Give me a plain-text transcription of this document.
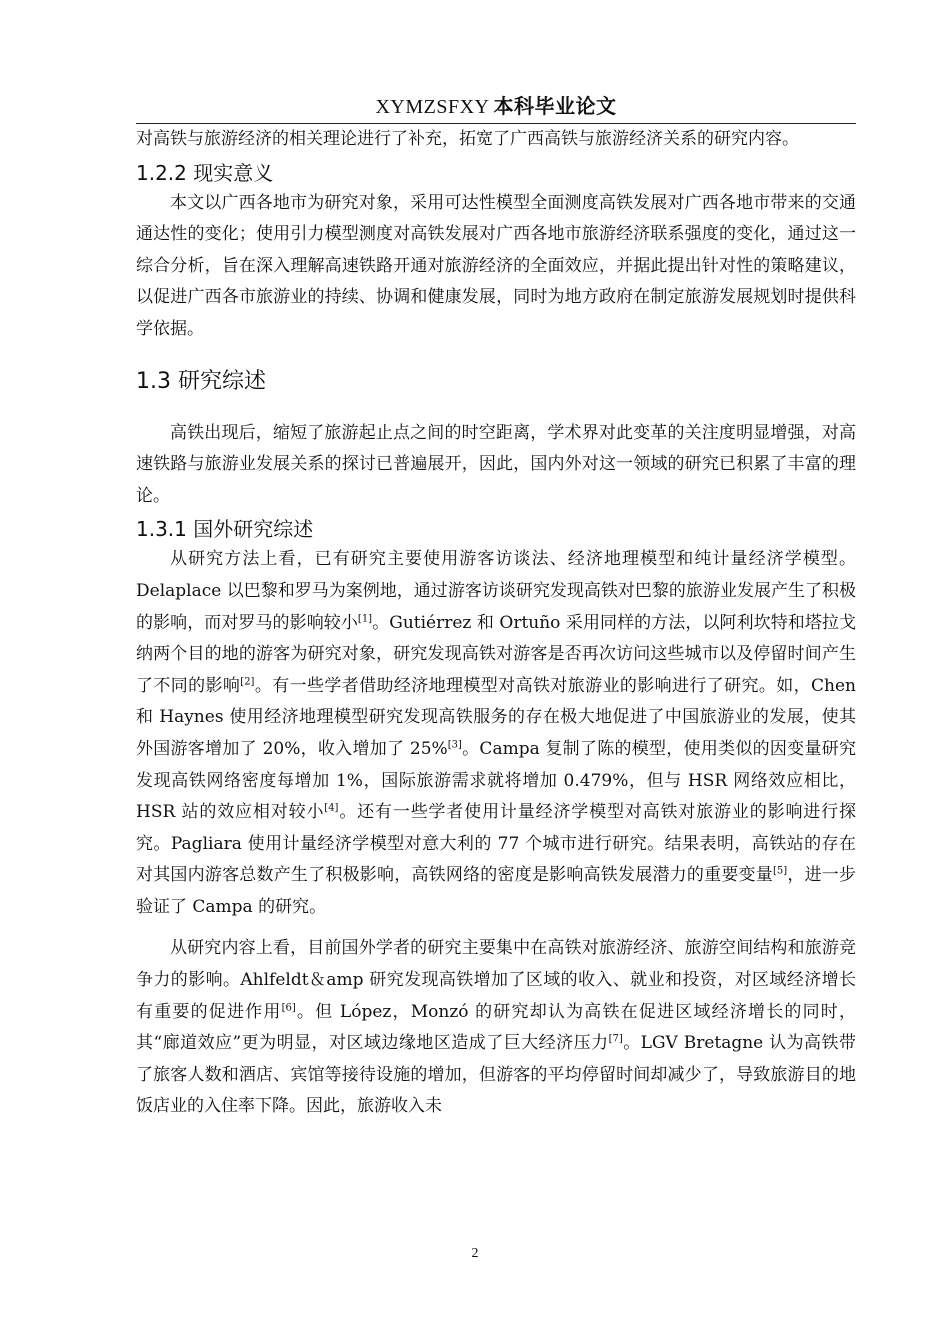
XYMZSFXY 本科毕业论文

对高铁与旅游经济的相关理论进行了补充，拓宽了广西高铁与旅游经济关系的研究内容。

1.2.2 现实意义

本文以广西各地市为研究对象，采用可达性模型全面测度高铁发展对广西各地市带来的交通通达性的变化；使用引力模型测度对高铁发展对广西各地市旅游经济联系强度的变化，通过这一综合分析，旨在深入理解高速铁路开通对旅游经济的全面效应，并据此提出针对性的策略建议，以促进广西各市旅游业的持续、协调和健康发展，同时为地方政府在制定旅游发展规划时提供科学依据。

1.3 研究综述

高铁出现后，缩短了旅游起止点之间的时空距离，学术界对此变革的关注度明显增强，对高速铁路与旅游业发展关系的探讨已普遍展开，因此，国内外对这一领域的研究已积累了丰富的理论。

1.3.1 国外研究综述

从研究方法上看，已有研究主要使用游客访谈法、经济地理模型和纯计量经济学模型。Delaplace 以巴黎和罗马为案例地，通过游客访谈研究发现高铁对巴黎的旅游业发展产生了积极的影响，而对罗马的影响较小[1]。Gutiérrez 和 Ortuño 采用同样的方法，以阿利坎特和塔拉戈纳两个目的地的游客为研究对象，研究发现高铁对游客是否再次访问这些城市以及停留时间产生了不同的影响[2]。有一些学者借助经济地理模型对高铁对旅游业的影响进行了研究。如，Chen 和 Haynes 使用经济地理模型研究发现高铁服务的存在极大地促进了中国旅游业的发展，使其外国游客增加了 20%，收入增加了 25%[3]。Campa 复制了陈的模型，使用类似的因变量研究发现高铁网络密度每增加 1%，国际旅游需求就将增加 0.479%，但与 HSR 网络效应相比，HSR 站的效应相对较小[4]。还有一些学者使用计量经济学模型对高铁对旅游业的影响进行探究。Pagliara 使用计量经济学模型对意大利的 77 个城市进行研究。结果表明，高铁站的存在对其国内游客总数产生了积极影响，高铁网络的密度是影响高铁发展潜力的重要变量[5]，进一步验证了 Campa 的研究。

从研究内容上看，目前国外学者的研究主要集中在高铁对旅游经济、旅游空间结构和旅游竞争力的影响。Ahlfeldt＆amp 研究发现高铁增加了区域的收入、就业和投资，对区域经济增长有重要的促进作用[6]。但 López，Monzó 的研究却认为高铁在促进区域经济增长的同时，其“廊道效应”更为明显，对区域边缘地区造成了巨大经济压力[7]。LGV Bretagne 认为高铁带了旅客人数和酒店、宾馆等接待设施的增加，但游客的平均停留时间却减少了，导致旅游目的地饭店业的入住率下降。因此，旅游收入未

2
